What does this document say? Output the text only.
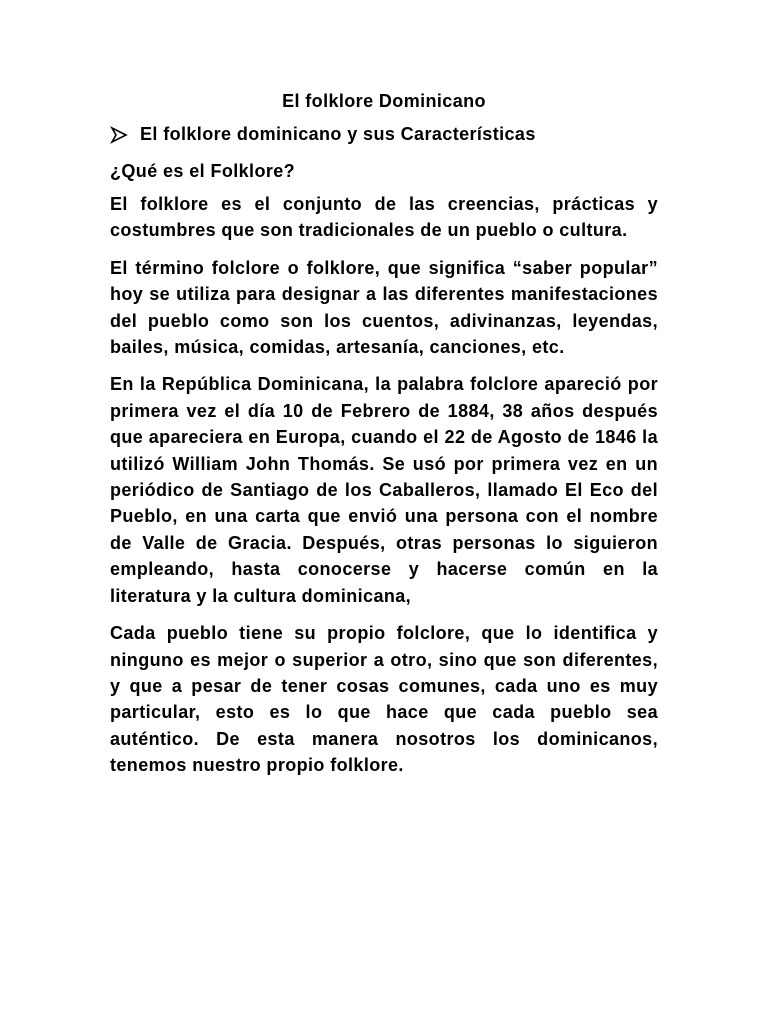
El folklore Dominicano
El folklore dominicano y sus Características
¿Qué es el Folklore?

El folklore es el conjunto de las creencias, prácticas y costumbres que son tradicionales de un pueblo o cultura.

El término folclore o folklore, que significa “saber popular” hoy se utiliza para designar a las diferentes manifestaciones del pueblo como son los cuentos, adivinanzas, leyendas, bailes, música, comidas, artesanía, canciones, etc.

En la República Dominicana, la palabra folclore apareció por primera vez el día 10 de Febrero de 1884, 38 años después que apareciera en Europa, cuando el 22 de Agosto de 1846 la utilizó William John Thomás. Se usó por primera vez en un periódico de Santiago de los Caballeros, llamado El Eco del Pueblo, en una carta que envió una persona con el nombre de Valle de Gracia. Después, otras personas lo siguieron empleando, hasta conocerse y hacerse común en la literatura y la cultura dominicana,

Cada pueblo tiene su propio folclore, que lo identifica y ninguno es mejor o superior a otro, sino que son diferentes, y que a pesar de tener cosas comunes, cada uno es muy particular, esto es lo que hace que cada pueblo sea auténtico. De esta manera nosotros los dominicanos, tenemos nuestro propio folklore.
